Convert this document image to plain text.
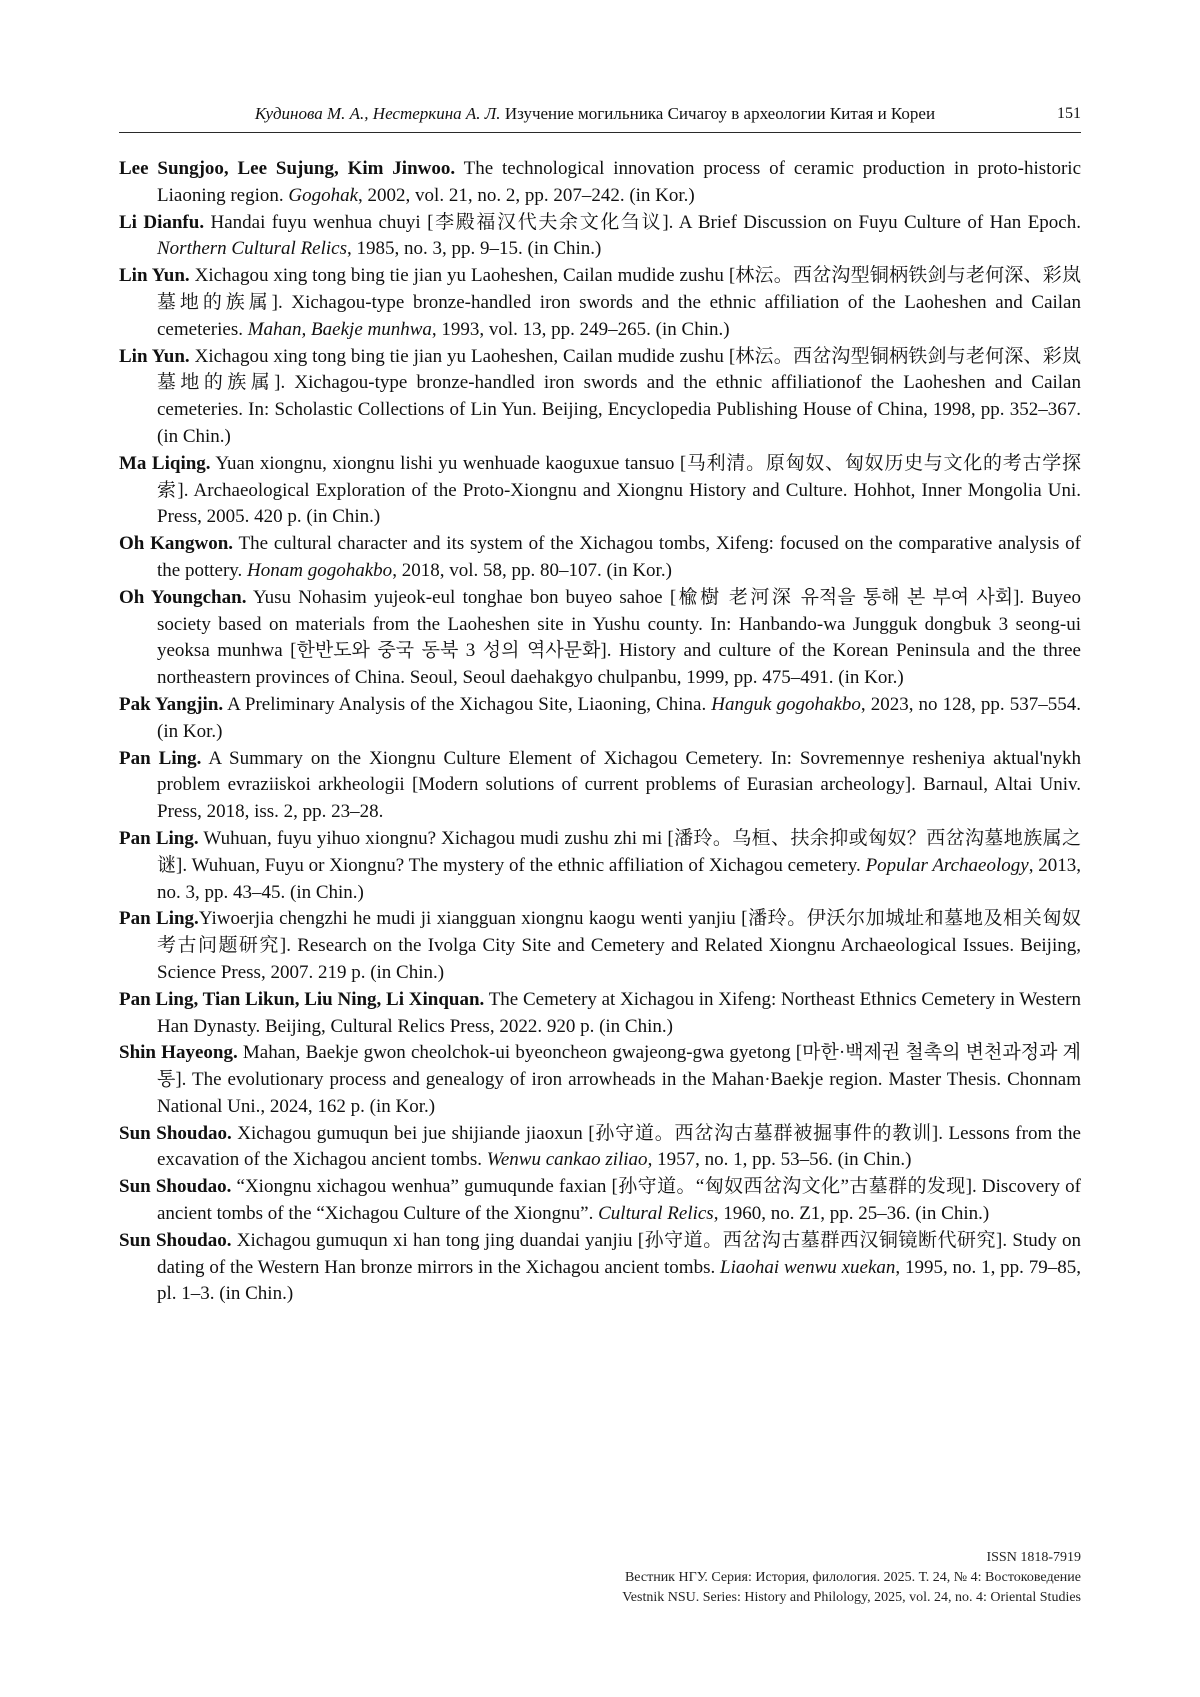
Кудинова М. А., Нестеркина А. Л. Изучение могильника Сичагоу в археологии Китая и Кореи	151

Lee Sungjoo, Lee Sujung, Kim Jinwoo. The technological innovation process of ceramic production in proto-historic Liaoning region. Gogohak, 2002, vol. 21, no. 2, pp. 207–242. (in Kor.)

Li Dianfu. Handai fuyu wenhua chuyi [李殿福汉代夫余文化刍议]. A Brief Discussion on Fuyu Culture of Han Epoch. Northern Cultural Relics, 1985, no. 3, pp. 9–15. (in Chin.)

Lin Yun. Xichagou xing tong bing tie jian yu Laoheshen, Cailan mudide zushu [林沄。西岔沟型铜柄铁剑与老何深、彩岚墓地的族属]. Xichagou-type bronze-handled iron swords and the ethnic affiliation of the Laoheshen and Cailan cemeteries. Mahan, Baekje munhwa, 1993, vol. 13, pp. 249–265. (in Chin.)

Lin Yun. Xichagou xing tong bing tie jian yu Laoheshen, Cailan mudide zushu [林沄。西岔沟型铜柄铁剑与老何深、彩岚墓地的族属]. Xichagou-type bronze-handled iron swords and the ethnic affiliationof the Laoheshen and Cailan cemeteries. In: Scholastic Collections of Lin Yun. Beijing, Encyclopedia Publishing House of China, 1998, pp. 352–367. (in Chin.)

Ma Liqing. Yuan xiongnu, xiongnu lishi yu wenhuade kaoguxue tansuo [马利清。原匈奴、匈奴历史与文化的考古学探索]. Archaeological Exploration of the Proto-Xiongnu and Xiongnu History and Culture. Hohhot, Inner Mongolia Uni. Press, 2005. 420 p. (in Chin.)

Oh Kangwon. The cultural character and its system of the Xichagou tombs, Xifeng: focused on the comparative analysis of the pottery. Honam gogohakbo, 2018, vol. 58, pp. 80–107. (in Kor.)

Oh Youngchan. Yusu Nohasim yujeok-eul tonghae bon buyeo sahoe [楡樹 老河深 유적을 통해 본 부여 사회]. Buyeo society based on materials from the Laoheshen site in Yushu county. In: Hanbando-wa Jungguk dongbuk 3 seong-ui yeoksa munhwa [한반도와 중국 동북 3 성의 역사문화]. History and culture of the Korean Peninsula and the three northeastern provinces of China. Seoul, Seoul daehakgyo chulpanbu, 1999, pp. 475–491. (in Kor.)

Pak Yangjin. A Preliminary Analysis of the Xichagou Site, Liaoning, China. Hanguk gogohakbo, 2023, no 128, pp. 537–554. (in Kor.)

Pan Ling. A Summary on the Xiongnu Culture Element of Xichagou Cemetery. In: Sovremennye resheniya aktual'nykh problem evraziiskoi arkheologii [Modern solutions of current problems of Eurasian archeology]. Barnaul, Altai Univ. Press, 2018, iss. 2, pp. 23–28.

Pan Ling. Wuhuan, fuyu yihuo xiongnu? Xichagou mudi zushu zhi mi [潘玲。乌桓、扶余抑或匈奴？西岔沟墓地族属之谜]. Wuhuan, Fuyu or Xiongnu? The mystery of the ethnic affiliation of Xichagou cemetery. Popular Archaeology, 2013, no. 3, pp. 43–45. (in Chin.)

Pan Ling.Yiwoerjia chengzhi he mudi ji xiangguan xiongnu kaogu wenti yanjiu [潘玲。伊沃尔加城址和墓地及相关匈奴考古问题研究]. Research on the Ivolga City Site and Cemetery and Related Xiongnu Archaeological Issues. Beijing, Science Press, 2007. 219 p. (in Chin.)

Pan Ling, Tian Likun, Liu Ning, Li Xinquan. The Cemetery at Xichagou in Xifeng: Northeast Ethnics Cemetery in Western Han Dynasty. Beijing, Cultural Relics Press, 2022. 920 p. (in Chin.)

Shin Hayeong. Mahan, Baekje gwon cheolchok-ui byeoncheon gwajeong-gwa gyetong [마한·백제권 철촉의 변천과정과 계통]. The evolutionary process and genealogy of iron arrowheads in the Mahan·Baekje region. Master Thesis. Chonnam National Uni., 2024, 162 p. (in Kor.)

Sun Shoudao. Xichagou gumuqun bei jue shijiande jiaoxun [孙守道。西岔沟古墓群被掘事件的教训]. Lessons from the excavation of the Xichagou ancient tombs. Wenwu cankao ziliao, 1957, no. 1, pp. 53–56. (in Chin.)

Sun Shoudao. “Xiongnu xichagou wenhua” gumuqunde faxian [孙守道。“匈奴西岔沟文化”古墓群的发现]. Discovery of ancient tombs of the “Xichagou Culture of the Xiongnu”. Cultural Relics, 1960, no. Z1, pp. 25–36. (in Chin.)

Sun Shoudao. Xichagou gumuqun xi han tong jing duandai yanjiu [孙守道。西岔沟古墓群西汉铜镜断代研究]. Study on dating of the Western Han bronze mirrors in the Xichagou ancient tombs. Liaohai wenwu xuekan, 1995, no. 1, pp. 79–85, pl. 1–3. (in Chin.)

ISSN 1818-7919
Вестник НГУ. Серия: История, филология. 2025. Т. 24, № 4: Востоковедение
Vestnik NSU. Series: History and Philology, 2025, vol. 24, no. 4: Oriental Studies
